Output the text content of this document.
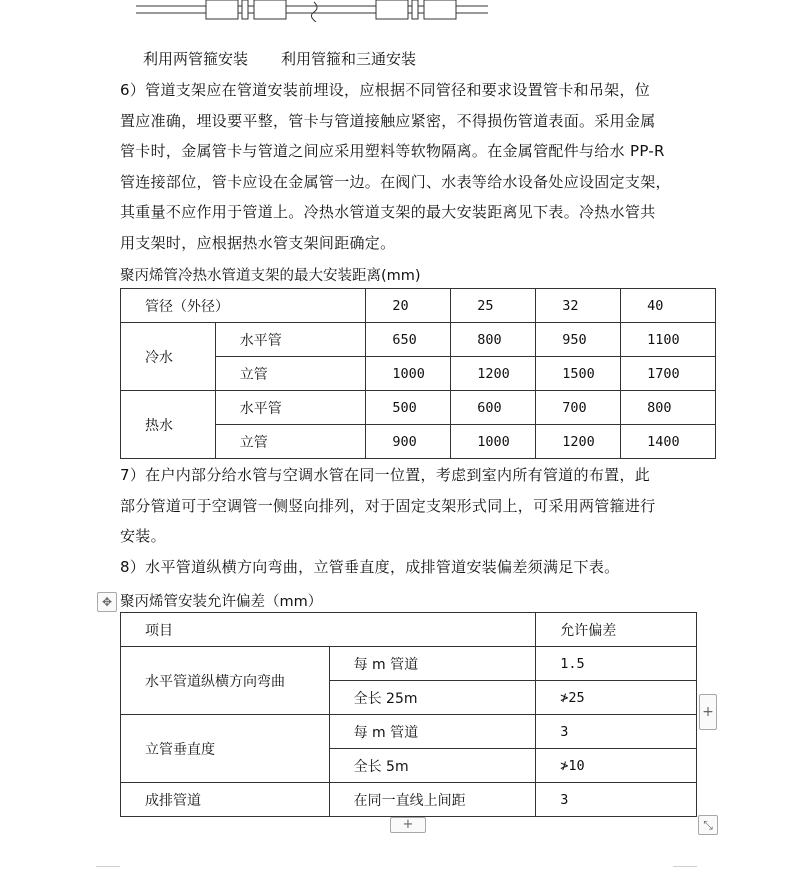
利用两管箍安装 利用管箍和三通安装

6）管道支架应在管道安装前埋设，应根据不同管径和要求设置管卡和吊架，位

置应准确，埋设要平整，管卡与管道接触应紧密，不得损伤管道表面。采用金属

管卡时，金属管卡与管道之间应采用塑料等软物隔离。在金属管配件与给水 PP-R

管连接部位，管卡应设在金属管一边。在阀门、水表等给水设备处应设固定支架，

其重量不应作用于管道上。冷热水管道支架的最大安装距离见下表。冷热水管共

用支架时，应根据热水管支架间距确定。

聚丙烯管冷热水管道支架的最大安装距离(mm)
管径（外径）		20	25	32	40
冷水	水平管	650	800	950	1100
	立管	1000	1200	1500	1700
热水	水平管	500	600	700	800
	立管	900	1000	1200	1400

7）在户内部分给水管与空调水管在同一位置，考虑到室内所有管道的布置，此

部分管道可于空调管一侧竖向排列，对于固定支架形式同上，可采用两管箍进行

安装。

8）水平管道纵横方向弯曲，立管垂直度，成排管道安装偏差须满足下表。

✥ 聚丙烯管安装允许偏差（mm）
项目		允许偏差
水平管道纵横方向弯曲	每 m 管道	1.5
	全长 25m	≯25
立管垂直度	每 m 管道	3
	全长 5m	≯10
成排管道	在同一直线上间距	3
+
+	⤡
